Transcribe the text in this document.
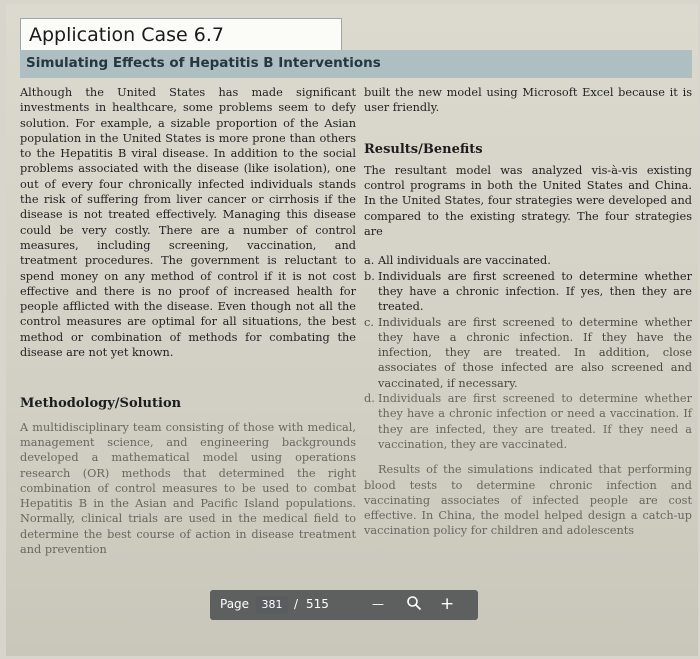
Application Case 6.7
Simulating Effects of Hepatitis B Interventions

Although the United States has made significant investments in healthcare, some problems seem to defy solution. For example, a sizable proportion of the Asian population in the United States is more prone than others to the Hepatitis B viral disease. In addition to the social problems associated with the disease (like isolation), one out of every four chronically infected individuals stands the risk of suffering from liver cancer or cirrhosis if the disease is not treated effectively. Managing this disease could be very costly. There are a number of control measures, including screening, vaccination, and treatment procedures. The government is reluctant to spend money on any method of control if it is not cost effective and there is no proof of increased health for people afflicted with the disease. Even though not all the control measures are optimal for all situations, the best method or combination of methods for combating the disease are not yet known.

Methodology/Solution

A multidisciplinary team consisting of those with medical, management science, and engineering backgrounds developed a mathematical model using operations research (OR) methods that determined the right combination of control measures to be used to combat Hepatitis B in the Asian and Pacific Island populations. Normally, clinical trials are used in the medical field to determine the best course of action in disease treatment and prevention

built the new model using Microsoft Excel because it is user friendly.

Results/Benefits

The resultant model was analyzed vis-à-vis existing control programs in both the United States and China. In the United States, four strategies were developed and compared to the existing strategy. The four strategies are

a. All individuals are vaccinated.
b. Individuals are first screened to determine whether they have a chronic infection. If yes, then they are treated.
c. Individuals are first screened to determine whether they have a chronic infection. If they have the infection, they are treated. In addition, close associates of those infected are also screened and vaccinated, if necessary.
d. Individuals are first screened to determine whether they have a chronic infection or need a vaccination. If they are infected, they are treated. If they need a vaccination, they are vaccinated.

Results of the simulations indicated that performing blood tests to determine chronic infection and vaccinating associates of infected people are cost effective. In China, the model helped design a catch-up vaccination policy for children and adolescents

Page	381 / 515	—	+
